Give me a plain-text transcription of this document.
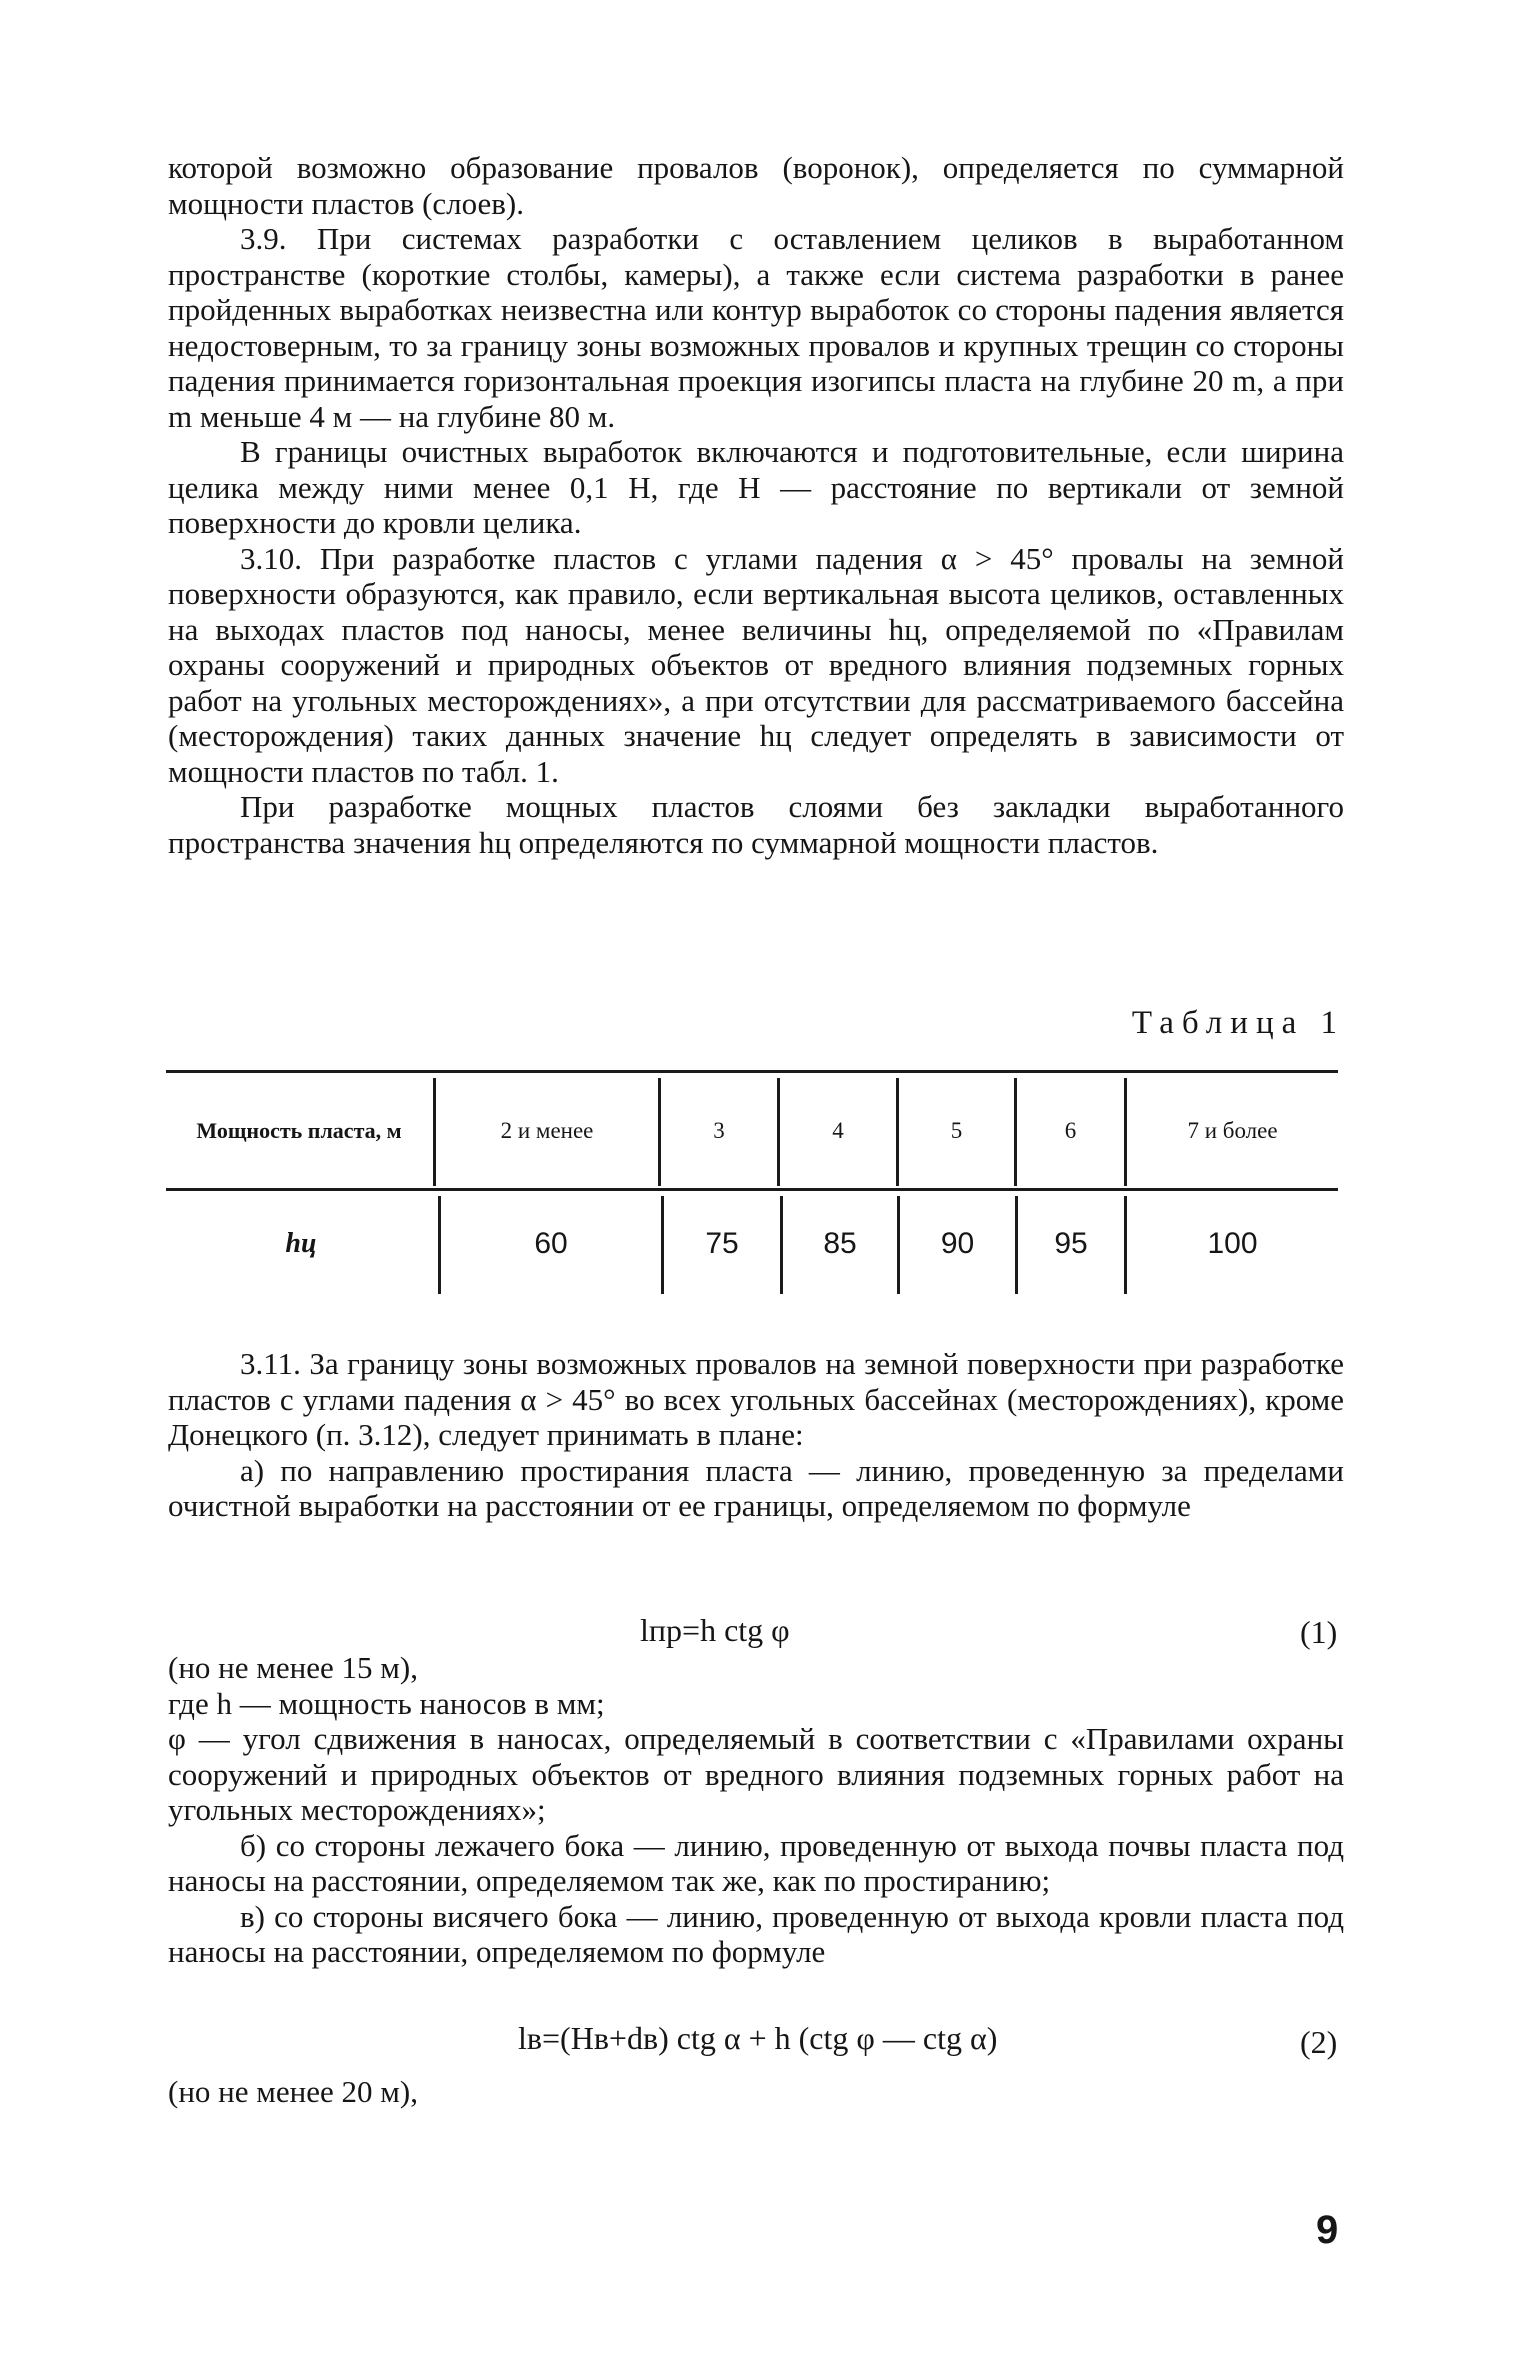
которой возможно образование провалов (воронок), определяется по суммарной мощности пластов (слоев).

3.9. При системах разработки с оставлением целиков в выработанном пространстве (короткие столбы, камеры), а также если система разработки в ранее пройденных выработках неизвестна или контур выработок со стороны падения является недостоверным, то за границу зоны возможных провалов и крупных трещин со стороны падения принимается горизонтальная проекция изогипсы пласта на глубине 20 m, а при m меньше 4 м — на глубине 80 м.

В границы очистных выработок включаются и подготовительные, если ширина целика между ними менее 0,1 H, где H — расстояние по вертикали от земной поверхности до кровли целика.

3.10. При разработке пластов с углами падения α > 45° провалы на земной поверхности образуются, как правило, если вертикальная высота целиков, оставленных на выходах пластов под наносы, менее величины hц, определяемой по «Правилам охраны сооружений и природных объектов от вредного влияния подземных горных работ на угольных месторождениях», а при отсутствии для рассматриваемого бассейна (месторождения) таких данных значение hц следует определять в зависимости от мощности пластов по табл. 1.

При разработке мощных пластов слоями без закладки выработанного пространства значения hц определяются по суммарной мощности пластов.

Таблица 1
Мощность пласта, м	2 и менее	3	4	5	6	7 и более
hц	60	75	85	90	95	100

3.11. За границу зоны возможных провалов на земной поверхности при разработке пластов с углами падения α > 45° во всех угольных бассейнах (месторождениях), кроме Донецкого (п. 3.12), следует принимать в плане:

а) по направлению простирания пласта — линию, проведенную за пределами очистной выработки на расстоянии от ее границы, определяемом по формуле

lпр=h ctg φ	(1)

(но не менее 15 м),

где h — мощность наносов в мм;

φ — угол сдвижения в наносах, определяемый в соответствии с «Правилами охраны сооружений и природных объектов от вредного влияния подземных горных работ на угольных месторождениях»;

б) со стороны лежачего бока — линию, проведенную от выхода почвы пласта под наносы на расстоянии, определяемом так же, как по простиранию;

в) со стороны висячего бока — линию, проведенную от выхода кровли пласта под наносы на расстоянии, определяемом по формуле

lв=(Hв+dв) ctg α + h (ctg φ — ctg α)	(2)

(но не менее 20 м),

9
